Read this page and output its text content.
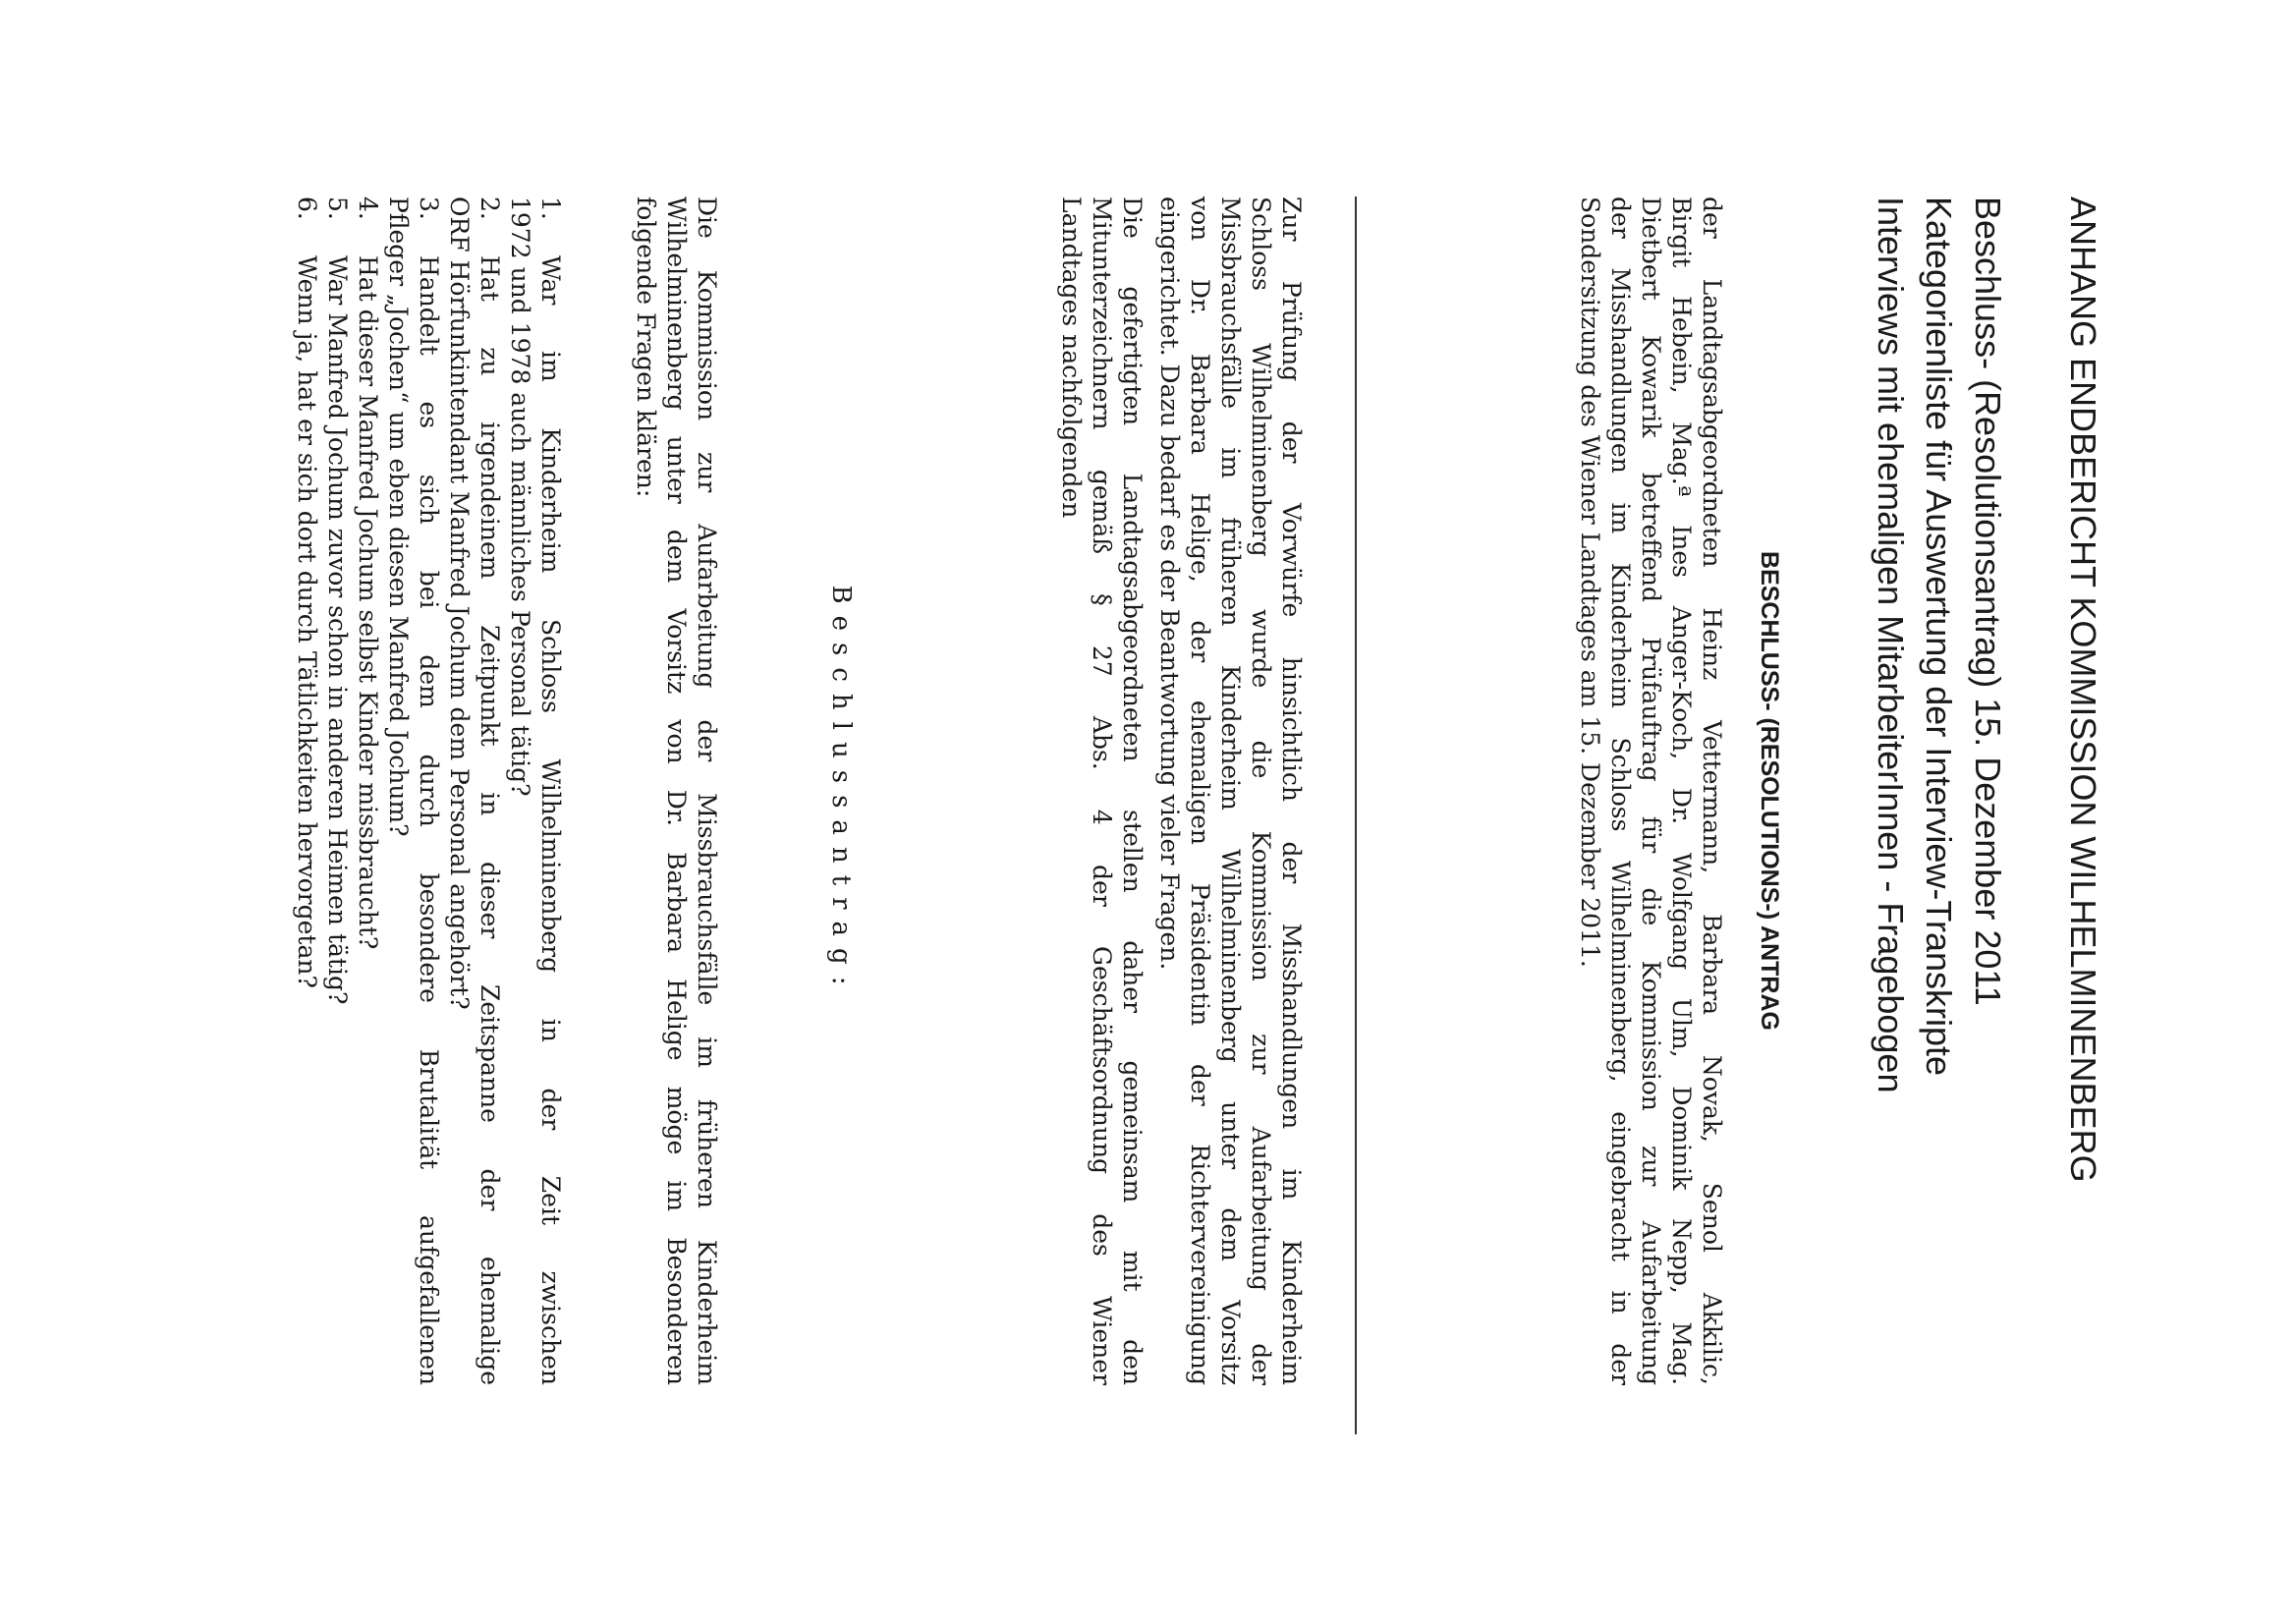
ANHANG ENDBERICHT KOMMISSION WILHELMINENBERG
Beschluss- (Resolutionsantrag) 15. Dezember 2011
Kategorienliste für Auswertung der Interview-Transkripte
Interviews mit ehemaligen MitarbeiterInnen - Fragebogen
BESCHLUSS- (RESOLUTIONS-) ANTRAG
der Landtagsabgeordneten Heinz Vettermann, Barbara Novak, Senol Akkilic,
Birgit Hebein, Mag.ª Ines Anger-Koch, Dr. Wolfgang Ulm, Dominik Nepp, Mag.
Dietbert Kowarik betreffend Prüfauftrag für die Kommission zur Aufarbeitung
der Misshandlungen im Kinderheim Schloss Wilhelminenberg, eingebracht in der
Sondersitzung des Wiener Landtages am 15. Dezember 2011.
Zur Prüfung der Vorwürfe hinsichtlich der Misshandlungen im Kinderheim
Schloss Wilhelminenberg wurde die Kommission zur Aufarbeitung der
Missbrauchsfälle im früheren Kinderheim Wilhelminenberg unter dem Vorsitz
von Dr. Barbara Helige, der ehemaligen Präsidentin der Richtervereinigung
eingerichtet. Dazu bedarf es der Beantwortung vieler Fragen.
Die gefertigten Landtagsabgeordneten stellen daher gemeinsam mit den
Mitunterzeichnern gemäß § 27 Abs. 4 der Geschäftsordnung des Wiener
Landtages nachfolgenden
Beschlussantrag:
Die Kommission zur Aufarbeitung der Missbrauchsfälle im früheren Kinderheim
Wilhelminenberg unter dem Vorsitz von Dr. Barbara Helige möge im Besonderen
folgende Fragen klären:
1.War im Kinderheim Schloss Wilhelminenberg in der Zeit zwischen
1972 und 1978 auch männliches Personal tätig?
2.Hat zu irgendeinem Zeitpunkt in dieser Zeitspanne der ehemalige
ORF Hörfunkintendant Manfred Jochum dem Personal angehört?
3.Handelt es sich bei dem durch besondere Brutalität aufgefallenen
Pfleger „Jochen“ um eben diesen Manfred Jochum?
4.Hat dieser Manfred Jochum selbst Kinder missbraucht?
5.War Manfred Jochum zuvor schon in anderen Heimen tätig?
6.Wenn ja, hat er sich dort durch Tätlichkeiten hervorgetan?
